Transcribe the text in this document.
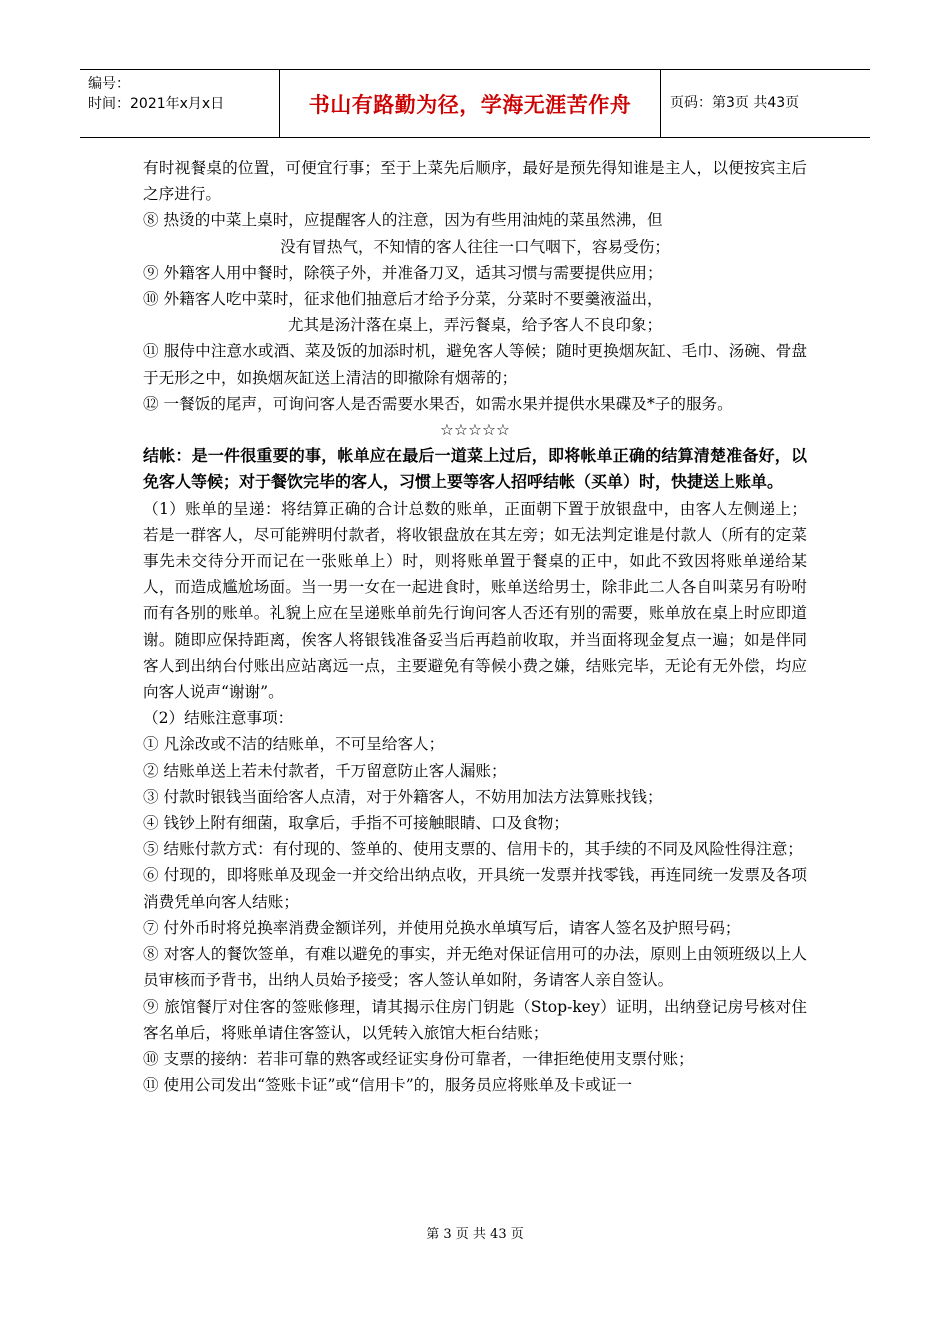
编号：
时间：2021年x月x日	书山有路勤为径，学海无涯苦作舟	页码：第3页 共43页

有时视餐桌的位置，可便宜行事；至于上菜先后顺序，最好是预先得知谁是主人，以便按宾主后之序进行。

⑧ 热烫的中菜上桌时，应提醒客人的注意，因为有些用油炖的菜虽然沸，但

没有冒热气，不知情的客人往往一口气咽下，容易受伤；

⑨ 外籍客人用中餐时，除筷子外，并准备刀叉，适其习惯与需要提供应用；

⑩ 外籍客人吃中菜时，征求他们抽意后才给予分菜，分菜时不要羹液溢出，

尤其是汤汁落在桌上，弄污餐桌，给予客人不良印象；

⑪ 服侍中注意水或酒、菜及饭的加添时机，避免客人等候；随时更换烟灰缸、毛巾、汤碗、骨盘于无形之中，如换烟灰缸送上清洁的即撤除有烟蒂的；

⑫ 一餐饭的尾声，可询问客人是否需要水果否，如需水果并提供水果碟及*子的服务。

☆☆☆☆☆

结帐：是一件很重要的事，帐单应在最后一道菜上过后，即将帐单正确的结算清楚准备好，以免客人等候；对于餐饮完毕的客人，习惯上要等客人招呼结帐（买单）时，快捷送上账单。

（1）账单的呈递：将结算正确的合计总数的账单，正面朝下置于放银盘中，由客人左侧递上；若是一群客人，尽可能辨明付款者，将收银盘放在其左旁；如无法判定谁是付款人（所有的定菜事先未交待分开而记在一张账单上）时，则将账单置于餐桌的正中，如此不致因将账单递给某人，而造成尴尬场面。当一男一女在一起进食时，账单送给男士，除非此二人各自叫菜另有吩咐而有各别的账单。礼貌上应在呈递账单前先行询问客人否还有别的需要，账单放在桌上时应即道谢。随即应保持距离，俟客人将银钱准备妥当后再趋前收取，并当面将现金复点一遍；如是伴同客人到出纳台付账出应站离远一点，主要避免有等候小费之嫌，结账完毕，无论有无外偿，均应向客人说声“谢谢”。

（2）结账注意事项：

① 凡涂改或不洁的结账单，不可呈给客人；

② 结账单送上若未付款者，千万留意防止客人漏账；

③ 付款时银钱当面给客人点清，对于外籍客人，不妨用加法方法算账找钱；

④ 钱钞上附有细菌，取拿后，手指不可接触眼睛、口及食物；

⑤ 结账付款方式：有付现的、签单的、使用支票的、信用卡的，其手续的不同及风险性得注意；

⑥ 付现的，即将账单及现金一并交给出纳点收，开具统一发票并找零钱，再连同统一发票及各项消费凭单向客人结账；

⑦ 付外币时将兑换率消费金额详列，并使用兑换水单填写后，请客人签名及护照号码；

⑧ 对客人的餐饮签单，有难以避免的事实，并无绝对保证信用可的办法，原则上由领班级以上人员审核而予背书，出纳人员始予接受；客人签认单如附，务请客人亲自签认。

⑨ 旅馆餐厅对住客的签账修理，请其揭示住房门钥匙（Stop-key）证明，出纳登记房号核对住客名单后，将账单请住客签认，以凭转入旅馆大柜台结账；

⑩ 支票的接纳：若非可靠的熟客或经证实身份可靠者，一律拒绝使用支票付账；

⑪ 使用公司发出“签账卡证”或“信用卡”的，服务员应将账单及卡或证一

第 3 页 共 43 页
